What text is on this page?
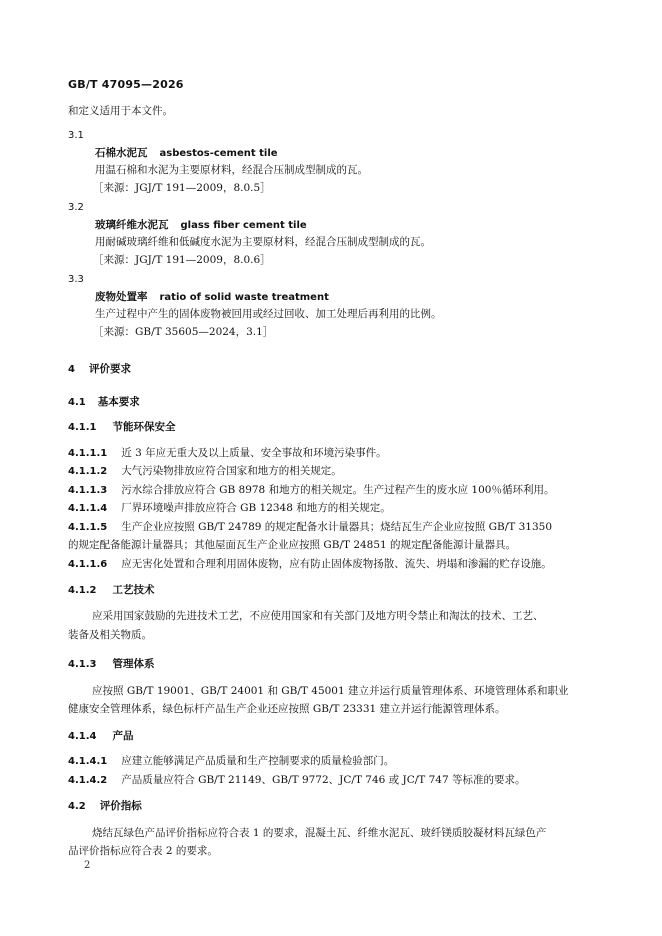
GB/T 47095—2026
和定义适用于本文件。
3.1
石棉水泥瓦 asbestos-cement tile
用温石棉和水泥为主要原材料，经混合压制成型制成的瓦。
［来源：JGJ/T 191—2009，8.0.5］
3.2
玻璃纤维水泥瓦 glass fiber cement tile
用耐碱玻璃纤维和低碱度水泥为主要原材料，经混合压制成型制成的瓦。
［来源：JGJ/T 191—2009，8.0.6］
3.3
废物处置率 ratio of solid waste treatment
生产过程中产生的固体废物被回用或经过回收、加工处理后再利用的比例。
［来源：GB/T 35605—2024，3.1］
4 评价要求
4.1 基本要求
4.1.1 节能环保安全
4.1.1.1 近 3 年应无重大及以上质量、安全事故和环境污染事件。
4.1.1.2 大气污染物排放应符合国家和地方的相关规定。
4.1.1.3 污水综合排放应符合 GB 8978 和地方的相关规定。生产过程产生的废水应 100％循环利用。
4.1.1.4 厂界环境噪声排放应符合 GB 12348 和地方的相关规定。
4.1.1.5 生产企业应按照 GB/T 24789 的规定配备水计量器具；烧结瓦生产企业应按照 GB/T 31350
的规定配备能源计量器具；其他屋面瓦生产企业应按照 GB/T 24851 的规定配备能源计量器具。
4.1.1.6 应无害化处置和合理利用固体废物，应有防止固体废物扬散、流失、坍塌和渗漏的贮存设施。
4.1.2 工艺技术
应采用国家鼓励的先进技术工艺，不应使用国家和有关部门及地方明令禁止和淘汰的技术、工艺、
装备及相关物质。
4.1.3 管理体系
应按照 GB/T 19001、GB/T 24001 和 GB/T 45001 建立并运行质量管理体系、环境管理体系和职业
健康安全管理体系，绿色标杆产品生产企业还应按照 GB/T 23331 建立并运行能源管理体系。
4.1.4 产品
4.1.4.1 应建立能够满足产品质量和生产控制要求的质量检验部门。
4.1.4.2 产品质量应符合 GB/T 21149、GB/T 9772、JC/T 746 或 JC/T 747 等标准的要求。
4.2 评价指标
烧结瓦绿色产品评价指标应符合表 1 的要求，混凝土瓦、纤维水泥瓦、玻纤镁质胶凝材料瓦绿色产
品评价指标应符合表 2 的要求。
2
